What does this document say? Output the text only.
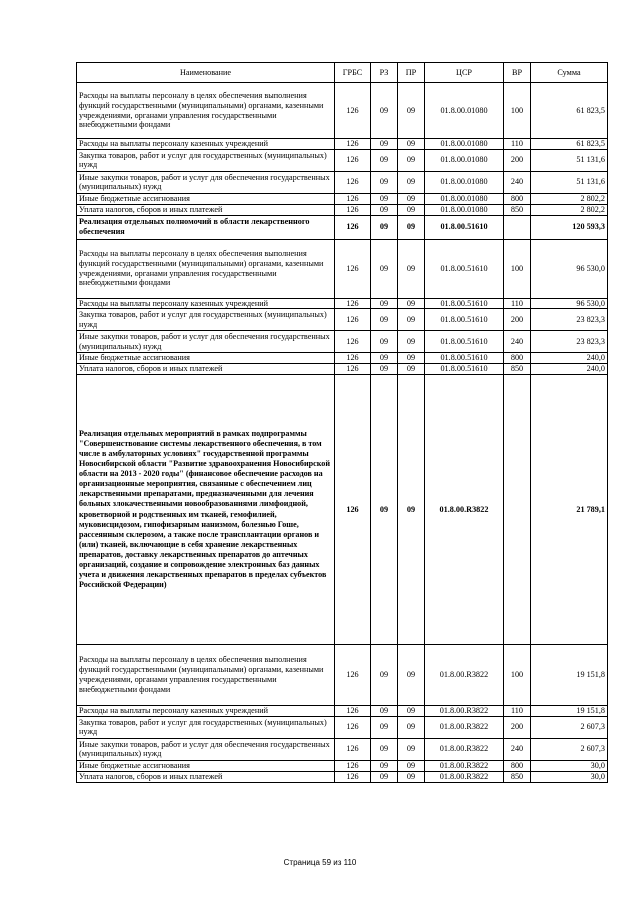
Наименование	ГРБС	РЗ	ПР	ЦСР	ВР	Сумма
Расходы на выплаты персоналу в целях обеспечения выполнения функций государственными (муниципальными) органами, казенными учреждениями, органами управления государственными внебюджетными фондами	126	09	09	01.8.00.01080	100	61 823,5
Расходы на выплаты персоналу казенных учреждений	126	09	09	01.8.00.01080	110	61 823,5
Закупка товаров, работ и услуг для государственных (муниципальных) нужд	126	09	09	01.8.00.01080	200	51 131,6
Иные закупки товаров, работ и услуг для обеспечения государственных (муниципальных) нужд	126	09	09	01.8.00.01080	240	51 131,6
Иные бюджетные ассигнования	126	09	09	01.8.00.01080	800	2 802,2
Уплата налогов, сборов и иных платежей	126	09	09	01.8.00.01080	850	2 802,2
Реализация отдельных полномочий в области лекарственного обеспечения	126	09	09	01.8.00.51610		120 593,3
Расходы на выплаты персоналу в целях обеспечения выполнения функций государственными (муниципальными) органами, казенными учреждениями, органами управления государственными внебюджетными фондами	126	09	09	01.8.00.51610	100	96 530,0
Расходы на выплаты персоналу казенных учреждений	126	09	09	01.8.00.51610	110	96 530,0
Закупка товаров, работ и услуг для государственных (муниципальных) нужд	126	09	09	01.8.00.51610	200	23 823,3
Иные закупки товаров, работ и услуг для обеспечения государственных (муниципальных) нужд	126	09	09	01.8.00.51610	240	23 823,3
Иные бюджетные ассигнования	126	09	09	01.8.00.51610	800	240,0
Уплата налогов, сборов и иных платежей	126	09	09	01.8.00.51610	850	240,0
Реализация отдельных мероприятий в рамках подпрограммы "Совершенствование системы лекарственного обеспечения, в том числе в амбулаторных условиях" государственной программы Новосибирской области "Развитие здравоохранения Новосибирской области на 2013 - 2020 годы" (финансовое обеспечение расходов на организационные мероприятия, связанные с обеспечением лиц лекарственными препаратами, предназначенными для лечения больных злокачественными новообразованиями лимфоидной, кроветворной и родственных им тканей, гемофилией, муковисцидозом, гипофизарным нанизмом, болезнью Гоше, рассеянным склерозом, а также после трансплантации органов и (или) тканей, включающие в себя хранение лекарственных препаратов, доставку лекарственных препаратов до аптечных организаций, создание и сопровождение электронных баз данных учета и движения лекарственных препаратов в пределах субъектов Российской Федерации)	126	09	09	01.8.00.R3822		21 789,1
Расходы на выплаты персоналу в целях обеспечения выполнения функций государственными (муниципальными) органами, казенными учреждениями, органами управления государственными внебюджетными фондами	126	09	09	01.8.00.R3822	100	19 151,8
Расходы на выплаты персоналу казенных учреждений	126	09	09	01.8.00.R3822	110	19 151,8
Закупка товаров, работ и услуг для государственных (муниципальных) нужд	126	09	09	01.8.00.R3822	200	2 607,3
Иные закупки товаров, работ и услуг для обеспечения государственных (муниципальных) нужд	126	09	09	01.8.00.R3822	240	2 607,3
Иные бюджетные ассигнования	126	09	09	01.8.00.R3822	800	30,0
Уплата налогов, сборов и иных платежей	126	09	09	01.8.00.R3822	850	30,0
Страница 59 из 110
